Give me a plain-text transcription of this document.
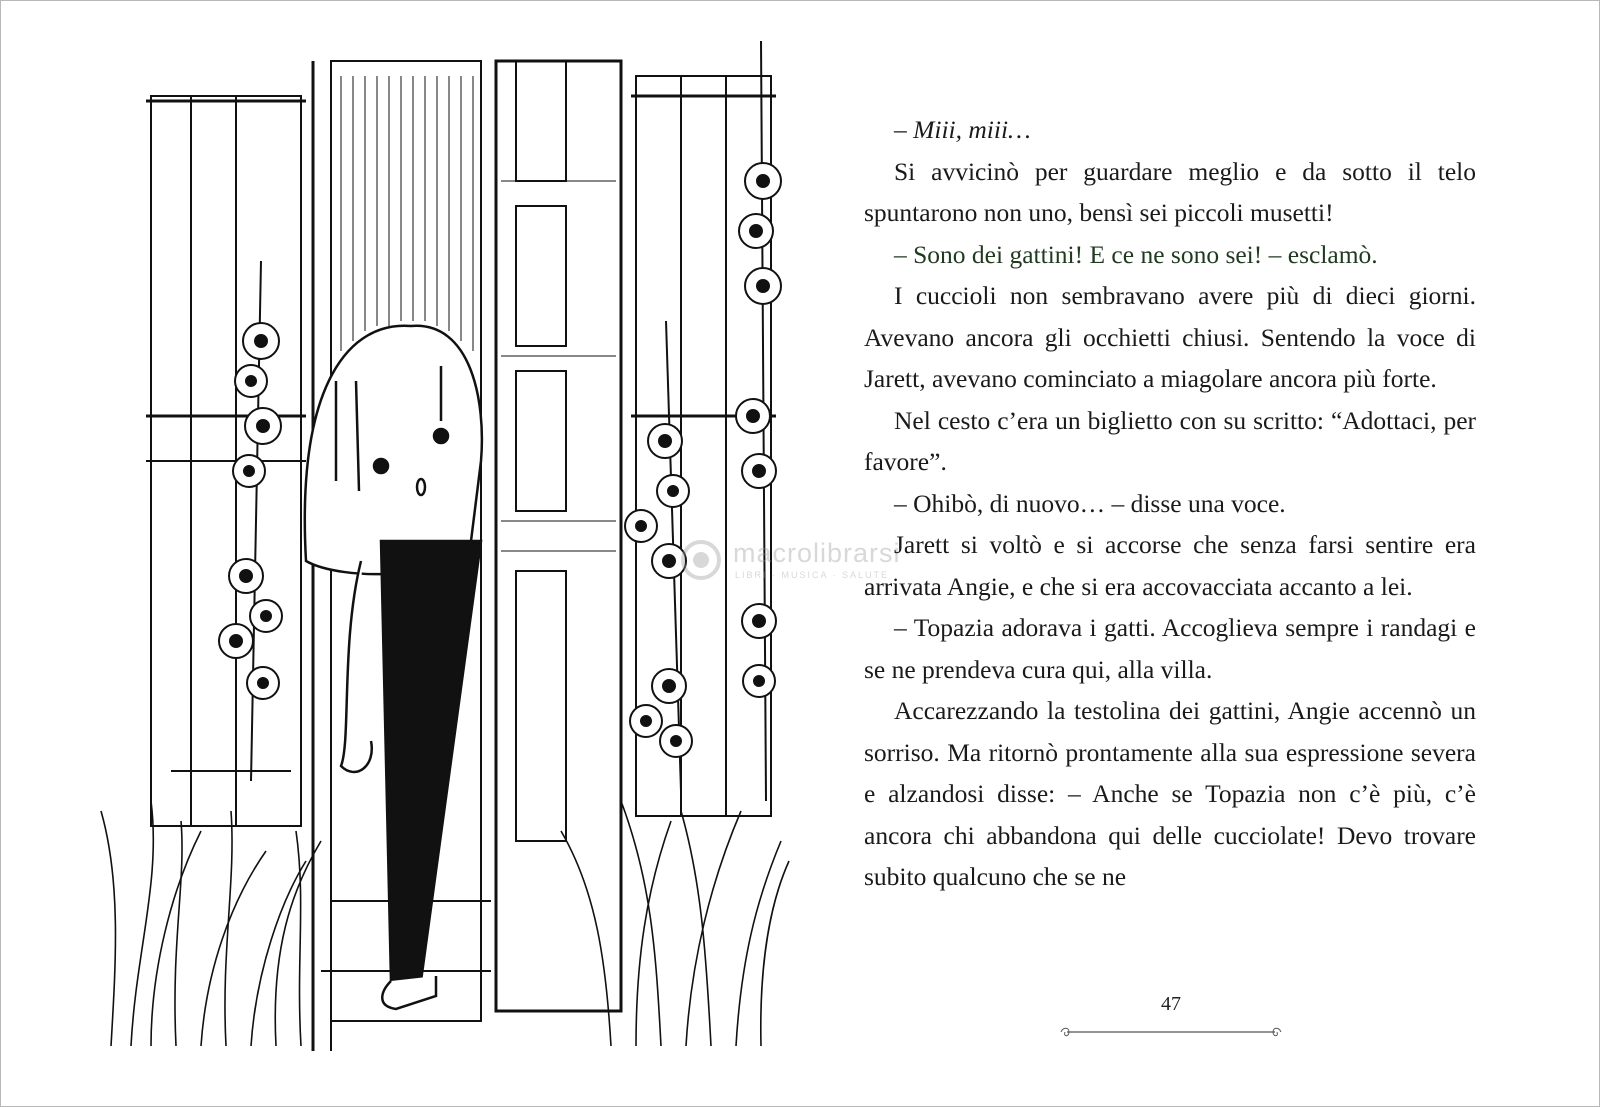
macrolibrarsi
LIBRI · MUSICA · SALUTE

– Miii, miii…

Si avvicinò per guardare meglio e da sotto il telo spuntarono non uno, bensì sei piccoli musetti!

– Sono dei gattini! E ce ne sono sei! – esclamò.

I cuccioli non sembravano avere più di dieci giorni. Avevano ancora gli occhietti chiusi. Sentendo la voce di Jarett, avevano cominciato a miagolare ancora più forte.

Nel cesto c’era un biglietto con su scritto: “Adottaci, per favore”.

– Ohibò, di nuovo… – disse una voce.

Jarett si voltò e si accorse che senza farsi sentire era arrivata Angie, e che si era accovacciata accanto a lei.

– Topazia adorava i gatti. Accoglieva sempre i randagi e se ne prendeva cura qui, alla villa.

Accarezzando la testolina dei gattini, Angie accennò un sorriso. Ma ritornò prontamente alla sua espressione severa e alzandosi disse: – Anche se Topazia non c’è più, c’è ancora chi abbandona qui delle cucciolate! Devo trovare subito qualcuno che se ne

47
